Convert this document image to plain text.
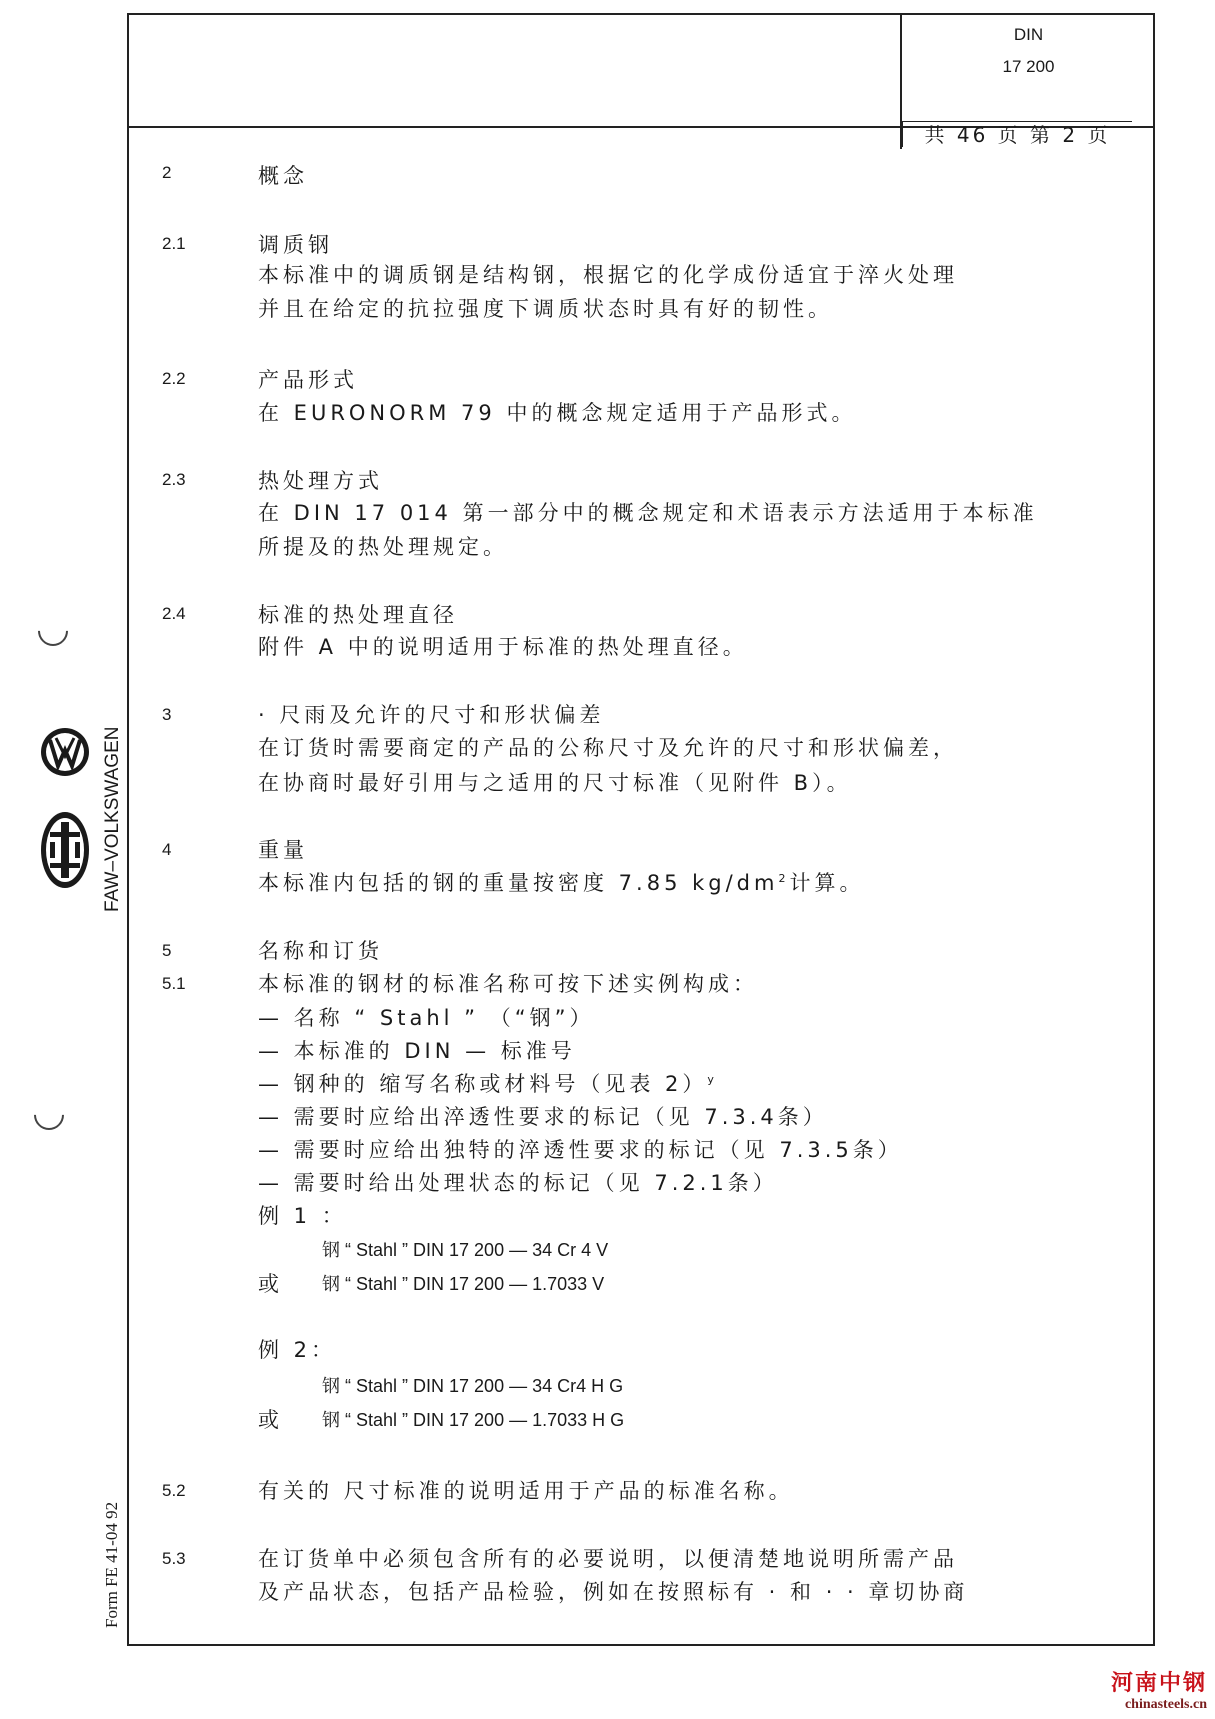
DIN
17 200
共 46 页 第 2 页
2	概念
2.1	调质钢
本标准中的调质钢是结构钢，根据它的化学成份适宜于淬火处理
并且在给定的抗拉强度下调质状态时具有好的韧性。
2.2	产品形式
在 EURONORM 79 中的概念规定适用于产品形式。
2.3	热处理方式
在 DIN 17 014 第一部分中的概念规定和术语表示方法适用于本标准
所提及的热处理规定。
2.4	标准的热处理直径
附件 A 中的说明适用于标准的热处理直径。
3	· 尺雨及允许的尺寸和形状偏差
在订货时需要商定的产品的公称尺寸及允许的尺寸和形状偏差，
在协商时最好引用与之适用的尺寸标准（见附件 B）。
4	重量
本标准内包括的钢的重量按密度 7.85 $kg/dm^2$计算。
5	名称和订货
5.1	本标准的钢材的标准名称可按下述实例构成：
— 名称 “ Stahl ” （“钢”）
— 本标准的 DIN — 标准号
— 钢种的 缩写名称或材料号（见表 2）$^y$
— 需要时应给出淬透性要求的标记（见 7.3.4条）
— 需要时应给出独特的淬透性要求的标记（见 7.3.5条）
— 需要时给出处理状态的标记（见 7.2.1条）
例 1 ：
钢 “ Stahl ” DIN 17 200 — 34 Cr 4 V
或 钢 “ Stahl ” DIN 17 200 — 1.7033 V
例 2：
钢 “ Stahl ” DIN 17 200 — 34 Cr4 H G
或 钢 “ Stahl ” DIN 17 200 — 1.7033 H G
5.2	有关的 尺寸标准的说明适用于产品的标准名称。
5.3	在订货单中必须包含所有的必要说明，以便清楚地说明所需产品
及产品状态，包括产品检验，例如在按照标有 · 和 · · 章切协商
FAW–VOLKSWAGEN
Form FE 41-04 92
河南中钢
chinasteels.cn
